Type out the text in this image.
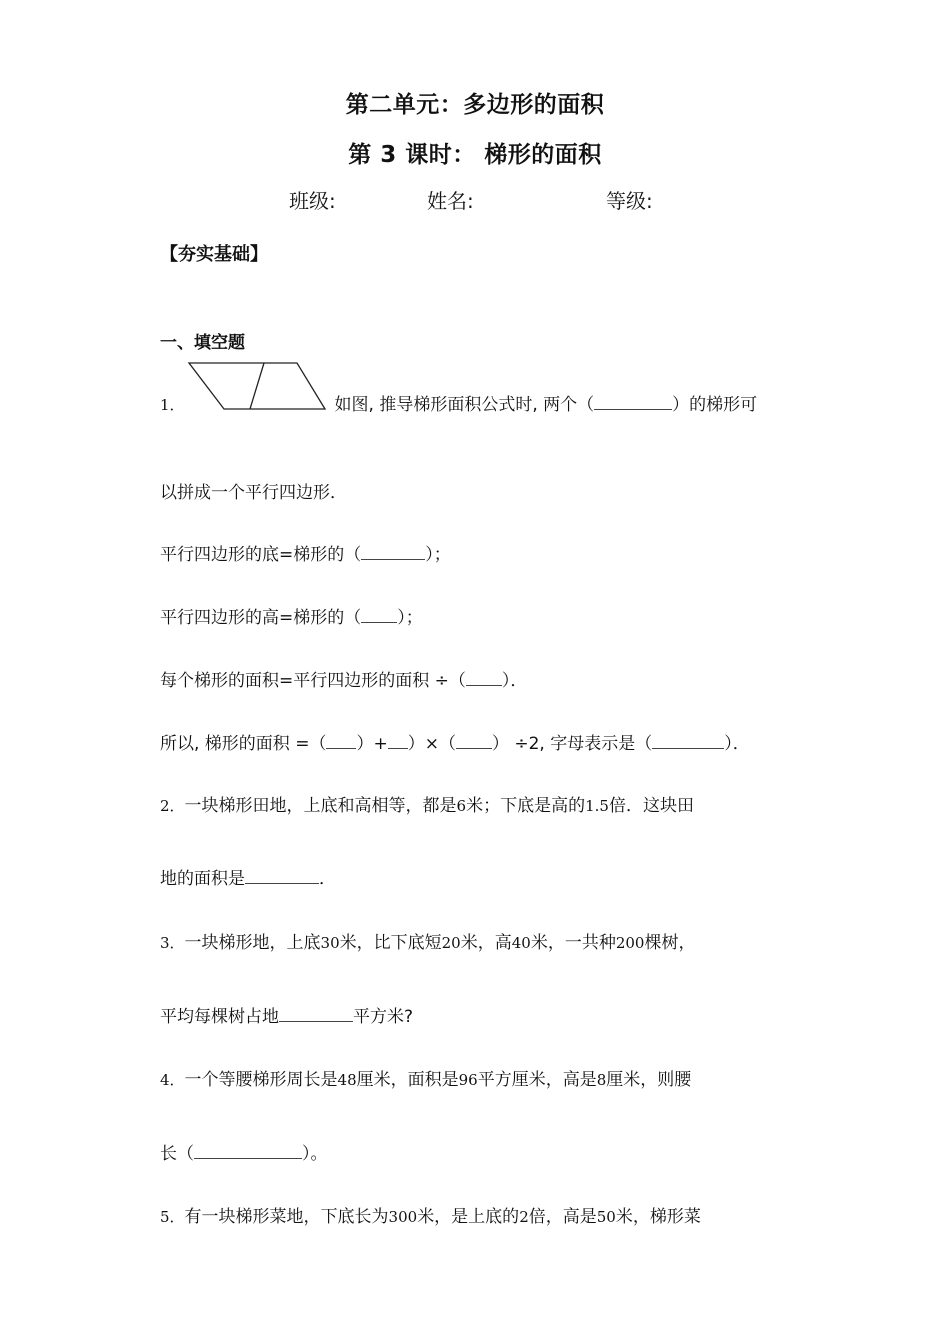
第二单元：多边形的面积
第 3 课时： 梯形的面积
班级:	姓名:	等级:
【夯实基础】
一、填空题
1．	如图, 推导梯形面积公式时, 两个（	）的梯形可
以拼成一个平行四边形．
平行四边形的底=梯形的（	）；
平行四边形的高=梯形的（ ）；
每个梯形的面积=平行四边形的面积 ÷（ ）．
所以, 梯形的面积 =（ ）+ ）×（ ） ÷2, 字母表示是（	）．
2．一块梯形田地，上底和高相等，都是6米；下底是高的1.5倍．这块田
地的面积是	．
3．一块梯形地，上底30米，比下底短20米，高40米，一共种200棵树，
平均每棵树占地	平方米?
4．一个等腰梯形周长是48厘米，面积是96平方厘米，高是8厘米，则腰
长（	）。
5．有一块梯形菜地，下底长为300米，是上底的2倍，高是50米，梯形菜
